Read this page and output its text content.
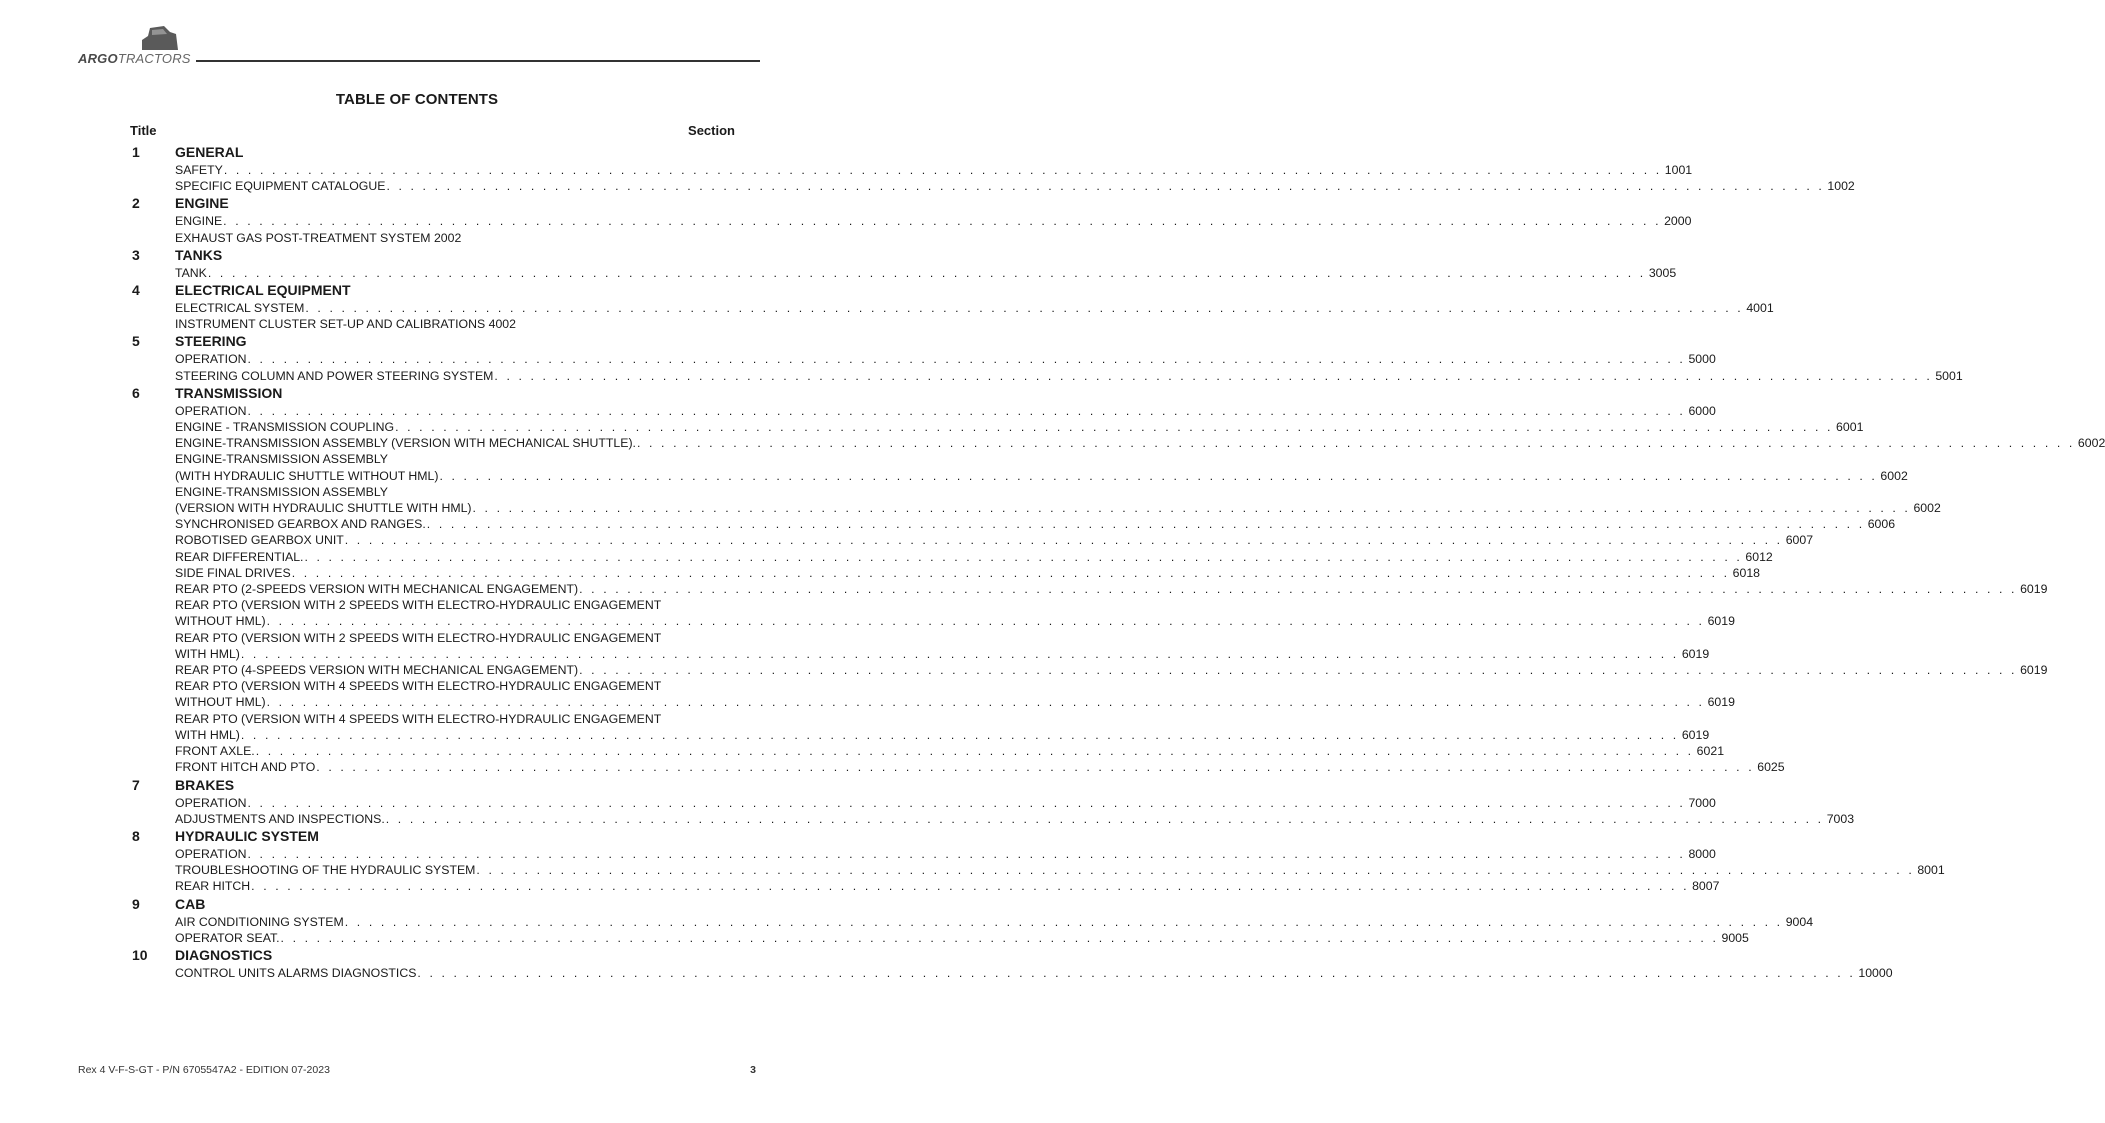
ARGOTRACTORS
TABLE OF CONTENTS
Title	Section
1	GENERAL
SAFETY . . . . . . . . . . . . . . . . . . . . . . . . . . . . . . . . . . . . . . . . . . . . . . . . . . . . . . . . . . . . . . . . . . . . . . . . . . . . . . . . . . . . . . . . . . . . . . . . . . . . . . . . . . . . . . . . . . . . . . . . 1001
SPECIFIC EQUIPMENT CATALOGUE . . . . . . . . . . . . . . . . . . . . . . . . . . . . . . . . . . . . . . . . . . . . . . . . . . . . . . . . . . . . . . . . . . . . . . . . . . . . . . . . . . . . . . . . . . . . . . . . . . . . . . . . . . . . . . . . . . . . . . . . 1002
2	ENGINE
ENGINE . . . . . . . . . . . . . . . . . . . . . . . . . . . . . . . . . . . . . . . . . . . . . . . . . . . . . . . . . . . . . . . . . . . . . . . . . . . . . . . . . . . . . . . . . . . . . . . . . . . . . . . . . . . . . . . . . . . . . . . . 2000
EXHAUST GAS POST-TREATMENT SYSTEM 2002
3	TANKS
TANK . . . . . . . . . . . . . . . . . . . . . . . . . . . . . . . . . . . . . . . . . . . . . . . . . . . . . . . . . . . . . . . . . . . . . . . . . . . . . . . . . . . . . . . . . . . . . . . . . . . . . . . . . . . . . . . . . . . . . . . . 3005
4	ELECTRICAL EQUIPMENT
ELECTRICAL SYSTEM . . . . . . . . . . . . . . . . . . . . . . . . . . . . . . . . . . . . . . . . . . . . . . . . . . . . . . . . . . . . . . . . . . . . . . . . . . . . . . . . . . . . . . . . . . . . . . . . . . . . . . . . . . . . . . . . . . . . . . . . 4001
INSTRUMENT CLUSTER SET-UP AND CALIBRATIONS 4002
5	STEERING
OPERATION . . . . . . . . . . . . . . . . . . . . . . . . . . . . . . . . . . . . . . . . . . . . . . . . . . . . . . . . . . . . . . . . . . . . . . . . . . . . . . . . . . . . . . . . . . . . . . . . . . . . . . . . . . . . . . . . . . . . . . . . 5000
STEERING COLUMN AND POWER STEERING SYSTEM . . . . . . . . . . . . . . . . . . . . . . . . . . . . . . . . . . . . . . . . . . . . . . . . . . . . . . . . . . . . . . . . . . . . . . . . . . . . . . . . . . . . . . . . . . . . . . . . . . . . . . . . . . . . . . . . . . . . . . . . 5001
6	TRANSMISSION
OPERATION . . . . . . . . . . . . . . . . . . . . . . . . . . . . . . . . . . . . . . . . . . . . . . . . . . . . . . . . . . . . . . . . . . . . . . . . . . . . . . . . . . . . . . . . . . . . . . . . . . . . . . . . . . . . . . . . . . . . . . . . 6000
ENGINE - TRANSMISSION COUPLING . . . . . . . . . . . . . . . . . . . . . . . . . . . . . . . . . . . . . . . . . . . . . . . . . . . . . . . . . . . . . . . . . . . . . . . . . . . . . . . . . . . . . . . . . . . . . . . . . . . . . . . . . . . . . . . . . . . . . . . . 6001
ENGINE-TRANSMISSION ASSEMBLY (VERSION WITH MECHANICAL SHUTTLE). . . . . . . . . . . . . . . . . . . . . . . . . . . . . . . . . . . . . . . . . . . . . . . . . . . . . . . . . . . . . . . . . . . . . . . . . . . . . . . . . . . . . . . . . . . . . . . . . . . . . . . . . . . . . . . . . . . . . . . . . 6002
ENGINE-TRANSMISSION ASSEMBLY
(WITH HYDRAULIC SHUTTLE WITHOUT HML) . . . . . . . . . . . . . . . . . . . . . . . . . . . . . . . . . . . . . . . . . . . . . . . . . . . . . . . . . . . . . . . . . . . . . . . . . . . . . . . . . . . . . . . . . . . . . . . . . . . . . . . . . . . . . . . . . . . . . . . . 6002
ENGINE-TRANSMISSION ASSEMBLY
(VERSION WITH HYDRAULIC SHUTTLE WITH HML) . . . . . . . . . . . . . . . . . . . . . . . . . . . . . . . . . . . . . . . . . . . . . . . . . . . . . . . . . . . . . . . . . . . . . . . . . . . . . . . . . . . . . . . . . . . . . . . . . . . . . . . . . . . . . . . . . . . . . . . . 6002
SYNCHRONISED GEARBOX AND RANGES. . . . . . . . . . . . . . . . . . . . . . . . . . . . . . . . . . . . . . . . . . . . . . . . . . . . . . . . . . . . . . . . . . . . . . . . . . . . . . . . . . . . . . . . . . . . . . . . . . . . . . . . . . . . . . . . . . . . . . . . . 6006
ROBOTISED GEARBOX UNIT . . . . . . . . . . . . . . . . . . . . . . . . . . . . . . . . . . . . . . . . . . . . . . . . . . . . . . . . . . . . . . . . . . . . . . . . . . . . . . . . . . . . . . . . . . . . . . . . . . . . . . . . . . . . . . . . . . . . . . . . 6007
REAR DIFFERENTIAL. . . . . . . . . . . . . . . . . . . . . . . . . . . . . . . . . . . . . . . . . . . . . . . . . . . . . . . . . . . . . . . . . . . . . . . . . . . . . . . . . . . . . . . . . . . . . . . . . . . . . . . . . . . . . . . . . . . . . . . . . 6012
SIDE FINAL DRIVES . . . . . . . . . . . . . . . . . . . . . . . . . . . . . . . . . . . . . . . . . . . . . . . . . . . . . . . . . . . . . . . . . . . . . . . . . . . . . . . . . . . . . . . . . . . . . . . . . . . . . . . . . . . . . . . . . . . . . . . . 6018
REAR PTO (2-SPEEDS VERSION WITH MECHANICAL ENGAGEMENT) . . . . . . . . . . . . . . . . . . . . . . . . . . . . . . . . . . . . . . . . . . . . . . . . . . . . . . . . . . . . . . . . . . . . . . . . . . . . . . . . . . . . . . . . . . . . . . . . . . . . . . . . . . . . . . . . . . . . . . . . 6019
REAR PTO (VERSION WITH 2 SPEEDS WITH ELECTRO-HYDRAULIC ENGAGEMENT
WITHOUT HML) . . . . . . . . . . . . . . . . . . . . . . . . . . . . . . . . . . . . . . . . . . . . . . . . . . . . . . . . . . . . . . . . . . . . . . . . . . . . . . . . . . . . . . . . . . . . . . . . . . . . . . . . . . . . . . . . . . . . . . . . 6019
REAR PTO (VERSION WITH 2 SPEEDS WITH ELECTRO-HYDRAULIC ENGAGEMENT
WITH HML) . . . . . . . . . . . . . . . . . . . . . . . . . . . . . . . . . . . . . . . . . . . . . . . . . . . . . . . . . . . . . . . . . . . . . . . . . . . . . . . . . . . . . . . . . . . . . . . . . . . . . . . . . . . . . . . . . . . . . . . . 6019
REAR PTO (4-SPEEDS VERSION WITH MECHANICAL ENGAGEMENT) . . . . . . . . . . . . . . . . . . . . . . . . . . . . . . . . . . . . . . . . . . . . . . . . . . . . . . . . . . . . . . . . . . . . . . . . . . . . . . . . . . . . . . . . . . . . . . . . . . . . . . . . . . . . . . . . . . . . . . . . 6019
REAR PTO (VERSION WITH 4 SPEEDS WITH ELECTRO-HYDRAULIC ENGAGEMENT
WITHOUT HML) . . . . . . . . . . . . . . . . . . . . . . . . . . . . . . . . . . . . . . . . . . . . . . . . . . . . . . . . . . . . . . . . . . . . . . . . . . . . . . . . . . . . . . . . . . . . . . . . . . . . . . . . . . . . . . . . . . . . . . . . 6019
REAR PTO (VERSION WITH 4 SPEEDS WITH ELECTRO-HYDRAULIC ENGAGEMENT
WITH HML) . . . . . . . . . . . . . . . . . . . . . . . . . . . . . . . . . . . . . . . . . . . . . . . . . . . . . . . . . . . . . . . . . . . . . . . . . . . . . . . . . . . . . . . . . . . . . . . . . . . . . . . . . . . . . . . . . . . . . . . . 6019
FRONT AXLE. . . . . . . . . . . . . . . . . . . . . . . . . . . . . . . . . . . . . . . . . . . . . . . . . . . . . . . . . . . . . . . . . . . . . . . . . . . . . . . . . . . . . . . . . . . . . . . . . . . . . . . . . . . . . . . . . . . . . . . . . 6021
FRONT HITCH AND PTO . . . . . . . . . . . . . . . . . . . . . . . . . . . . . . . . . . . . . . . . . . . . . . . . . . . . . . . . . . . . . . . . . . . . . . . . . . . . . . . . . . . . . . . . . . . . . . . . . . . . . . . . . . . . . . . . . . . . . . . . 6025
7	BRAKES
OPERATION . . . . . . . . . . . . . . . . . . . . . . . . . . . . . . . . . . . . . . . . . . . . . . . . . . . . . . . . . . . . . . . . . . . . . . . . . . . . . . . . . . . . . . . . . . . . . . . . . . . . . . . . . . . . . . . . . . . . . . . . 7000
ADJUSTMENTS AND INSPECTIONS. . . . . . . . . . . . . . . . . . . . . . . . . . . . . . . . . . . . . . . . . . . . . . . . . . . . . . . . . . . . . . . . . . . . . . . . . . . . . . . . . . . . . . . . . . . . . . . . . . . . . . . . . . . . . . . . . . . . . . . . . 7003
8	HYDRAULIC SYSTEM
OPERATION . . . . . . . . . . . . . . . . . . . . . . . . . . . . . . . . . . . . . . . . . . . . . . . . . . . . . . . . . . . . . . . . . . . . . . . . . . . . . . . . . . . . . . . . . . . . . . . . . . . . . . . . . . . . . . . . . . . . . . . . 8000
TROUBLESHOOTING OF THE HYDRAULIC SYSTEM . . . . . . . . . . . . . . . . . . . . . . . . . . . . . . . . . . . . . . . . . . . . . . . . . . . . . . . . . . . . . . . . . . . . . . . . . . . . . . . . . . . . . . . . . . . . . . . . . . . . . . . . . . . . . . . . . . . . . . . . 8001
REAR HITCH . . . . . . . . . . . . . . . . . . . . . . . . . . . . . . . . . . . . . . . . . . . . . . . . . . . . . . . . . . . . . . . . . . . . . . . . . . . . . . . . . . . . . . . . . . . . . . . . . . . . . . . . . . . . . . . . . . . . . . . . 8007
9	CAB
AIR CONDITIONING SYSTEM . . . . . . . . . . . . . . . . . . . . . . . . . . . . . . . . . . . . . . . . . . . . . . . . . . . . . . . . . . . . . . . . . . . . . . . . . . . . . . . . . . . . . . . . . . . . . . . . . . . . . . . . . . . . . . . . . . . . . . . . 9004
OPERATOR SEAT. . . . . . . . . . . . . . . . . . . . . . . . . . . . . . . . . . . . . . . . . . . . . . . . . . . . . . . . . . . . . . . . . . . . . . . . . . . . . . . . . . . . . . . . . . . . . . . . . . . . . . . . . . . . . . . . . . . . . . . . . 9005
10 DIAGNOSTICS
CONTROL UNITS ALARMS DIAGNOSTICS . . . . . . . . . . . . . . . . . . . . . . . . . . . . . . . . . . . . . . . . . . . . . . . . . . . . . . . . . . . . . . . . . . . . . . . . . . . . . . . . . . . . . . . . . . . . . . . . . . . . . . . . . . . . . . . . . . . . . . . . 10000
Rex 4 V-F-S-GT - P/N 6705547A2 - EDITION 07-2023	3
